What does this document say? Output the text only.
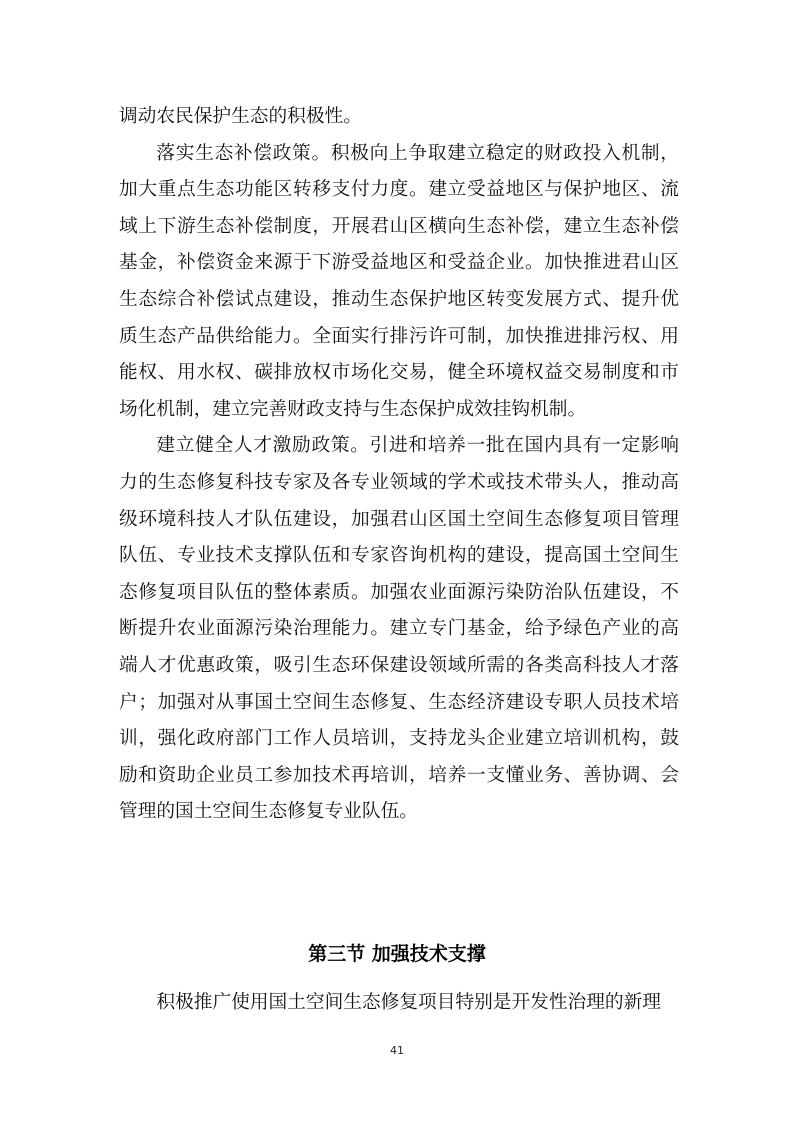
调动农民保护生态的积极性。

落实生态补偿政策。积极向上争取建立稳定的财政投入机制，加大重点生态功能区转移支付力度。建立受益地区与保护地区、流域上下游生态补偿制度，开展君山区横向生态补偿，建立生态补偿基金，补偿资金来源于下游受益地区和受益企业。加快推进君山区生态综合补偿试点建设，推动生态保护地区转变发展方式、提升优质生态产品供给能力。全面实行排污许可制，加快推进排污权、用能权、用水权、碳排放权市场化交易，健全环境权益交易制度和市场化机制，建立完善财政支持与生态保护成效挂钩机制。

建立健全人才激励政策。引进和培养一批在国内具有一定影响力的生态修复科技专家及各专业领域的学术或技术带头人，推动高级环境科技人才队伍建设，加强君山区国土空间生态修复项目管理队伍、专业技术支撑队伍和专家咨询机构的建设，提高国土空间生态修复项目队伍的整体素质。加强农业面源污染防治队伍建设，不断提升农业面源污染治理能力。建立专门基金，给予绿色产业的高端人才优惠政策，吸引生态环保建设领域所需的各类高科技人才落户；加强对从事国土空间生态修复、生态经济建设专职人员技术培训，强化政府部门工作人员培训，支持龙头企业建立培训机构，鼓励和资助企业员工参加技术再培训，培养一支懂业务、善协调、会管理的国土空间生态修复专业队伍。

第三节 加强技术支撑

积极推广使用国土空间生态修复项目特别是开发性治理的新理

41
